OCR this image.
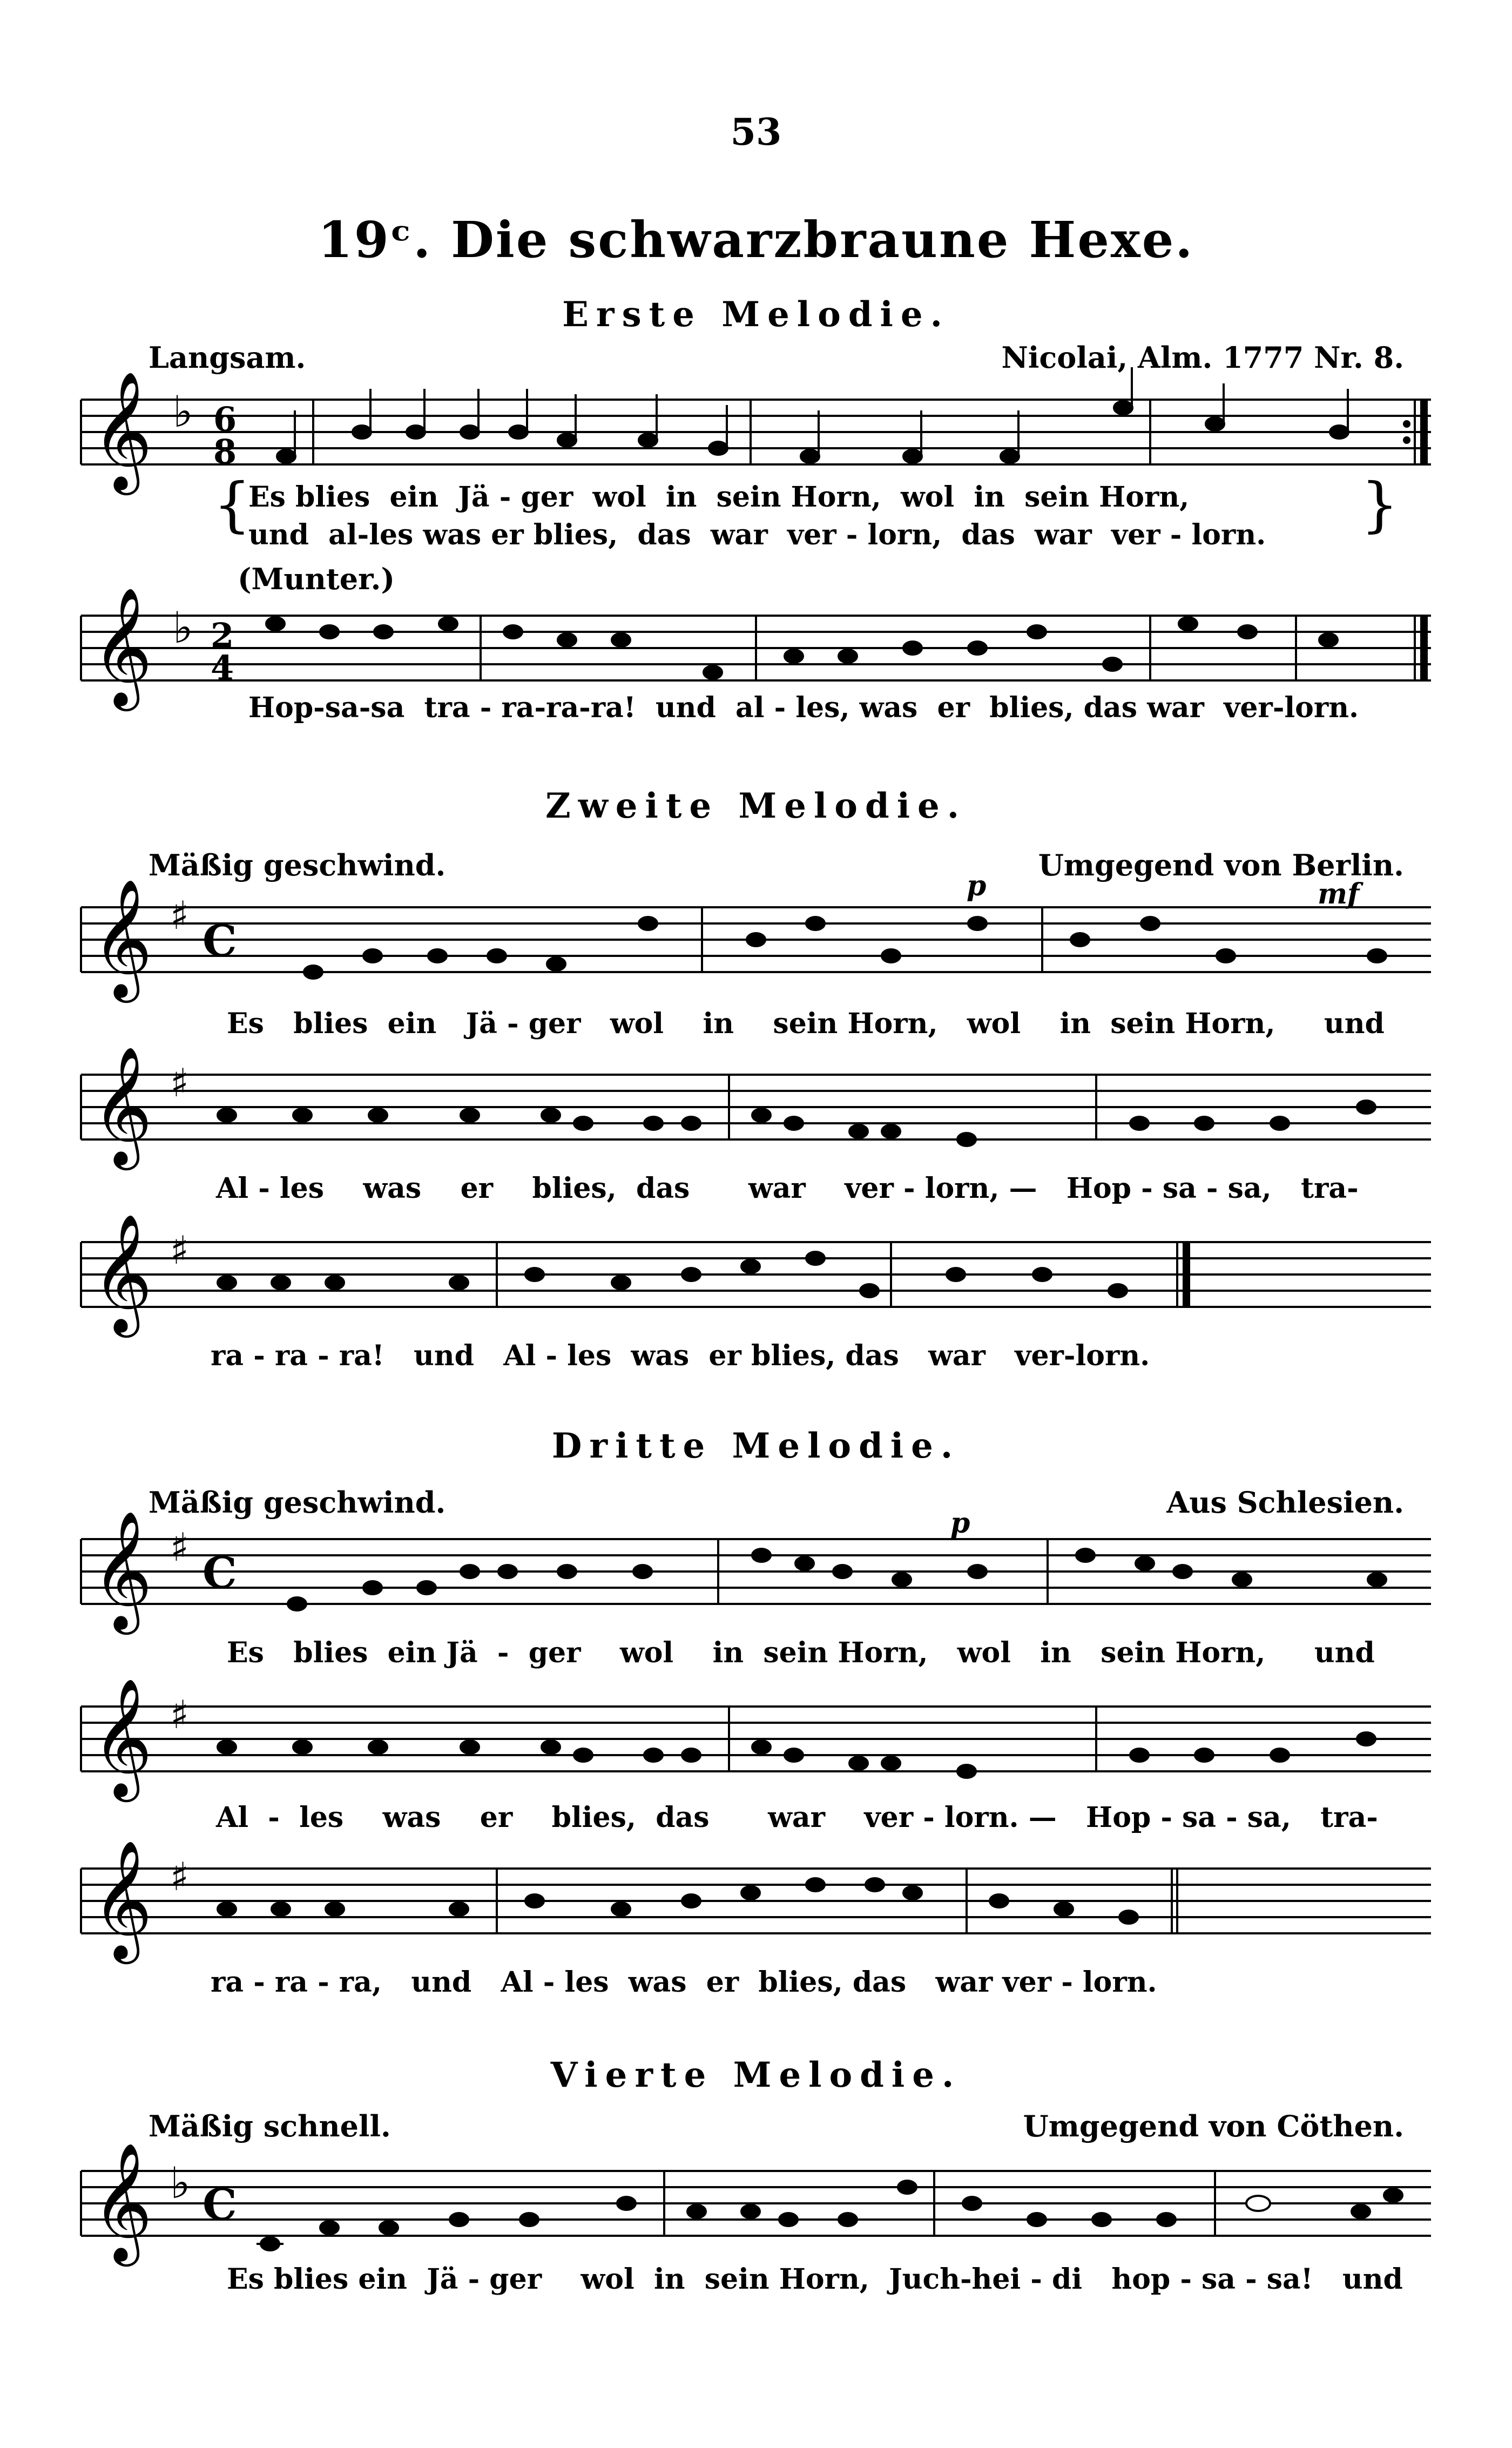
53
19ᶜ. Die schwarzbraune Hexe.
Erste Melodie.
Langsam.	Nicolai, Alm. 1777 Nr. 8.
𝄞 ♭ 6
8
{
Es blies  ein  Jä - ger  wol  in  sein Horn,  wol  in  sein Horn,
und  al-les was er blies,  das  war  ver - lorn,  das  war  ver - lorn. }
(Munter.)
𝄞 ♭ 2
4
Hop-sa-sa  tra - ra-ra-ra!  und  al - les, was  er  blies, das war  ver-lorn.
Zweite Melodie.
Mäßig geschwind.	Umgegend von Berlin.
p	mf
𝄞 ♯ C
Es   blies  ein   Jä - ger   wol    in    sein Horn,   wol    in  sein Horn,     und
𝄞 ♯
Al - les    was    er    blies,  das      war    ver - lorn, —   Hop - sa - sa,   tra-
𝄞 ♯
ra - ra - ra!   und   Al - les  was  er blies, das   war   ver-lorn.
Dritte Melodie.
Mäßig geschwind.	Aus Schlesien.
p
𝄞 ♯ C
Es   blies  ein Jä  -  ger    wol    in  sein Horn,   wol   in   sein Horn,     und
𝄞 ♯
Al  -  les    was    er    blies,  das      war    ver - lorn. —   Hop - sa - sa,   tra-
𝄞 ♯
ra - ra - ra,   und   Al - les  was  er  blies, das   war ver - lorn.
Vierte Melodie.
Mäßig schnell.	Umgegend von Cöthen.
𝄞 ♭ C
Es blies ein  Jä - ger    wol  in  sein Horn,  Juch-hei - di   hop - sa - sa!   und
